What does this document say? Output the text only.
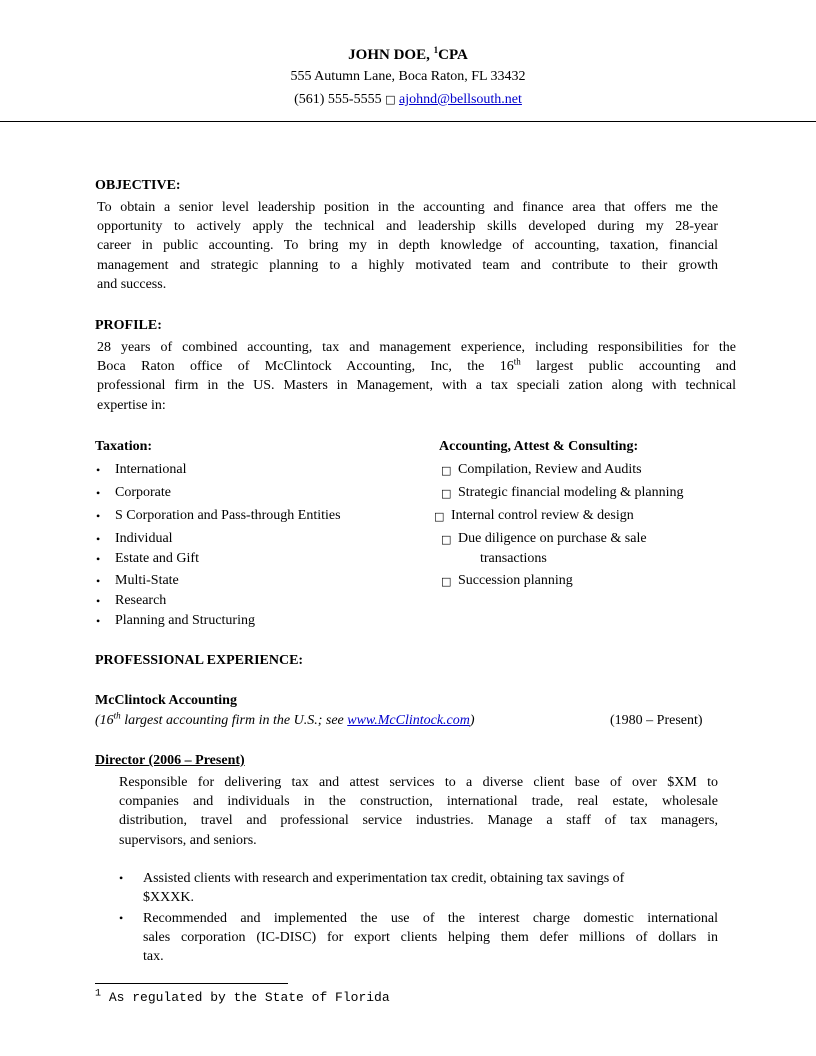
JOHN DOE, $^1$CPA
555 Autumn Lane, Boca Raton, FL 33432
(561) 555-5555 □ ajohnd@bellsouth.net
OBJECTIVE:
To obtain a senior level leadership position in the accounting and finance area that offers me the
opportunity to actively apply the technical and leadership skills developed during my 28-year
career in public accounting. To bring my in depth knowledge of accounting, taxation, financial
management and strategic planning to a highly motivated team and contribute to their growth
and success.
PROFILE:
28 years of combined accounting, tax and management experience, including responsibilities for the
Boca Raton office of McClintock Accounting, Inc, the 16th largest public accounting and
professional firm in the US. Masters in Management, with a tax speciali zation along with technical
expertise in:
Taxation:
• International
• Corporate
• S Corporation and Pass-through Entities
• Individual
• Estate and Gift
• Multi-State
• Research
• Planning and Structuring
Accounting, Attest & Consulting:
□ Compilation, Review and Audits
□ Strategic financial modeling & planning
□ Internal control review & design
□ Due diligence on purchase & sale
transactions
□ Succession planning
PROFESSIONAL EXPERIENCE:
McClintock Accounting
(16th largest accounting firm in the U.S.; see www.McClintock.com)	(1980 – Present)
Director (2006 – Present)
Responsible for delivering tax and attest services to a diverse client base of over $XM to
companies and individuals in the construction, international trade, real estate, wholesale
distribution, travel and professional service industries. Manage a staff of tax managers,
supervisors, and seniors.
• Assisted clients with research and experimentation tax credit, obtaining tax savings of
$XXXK.
• Recommended and implemented the use of the interest charge domestic international
sales corporation (IC-DISC) for export clients helping them defer millions of dollars in
tax.
$^1$ As regulated by the State of Florida
